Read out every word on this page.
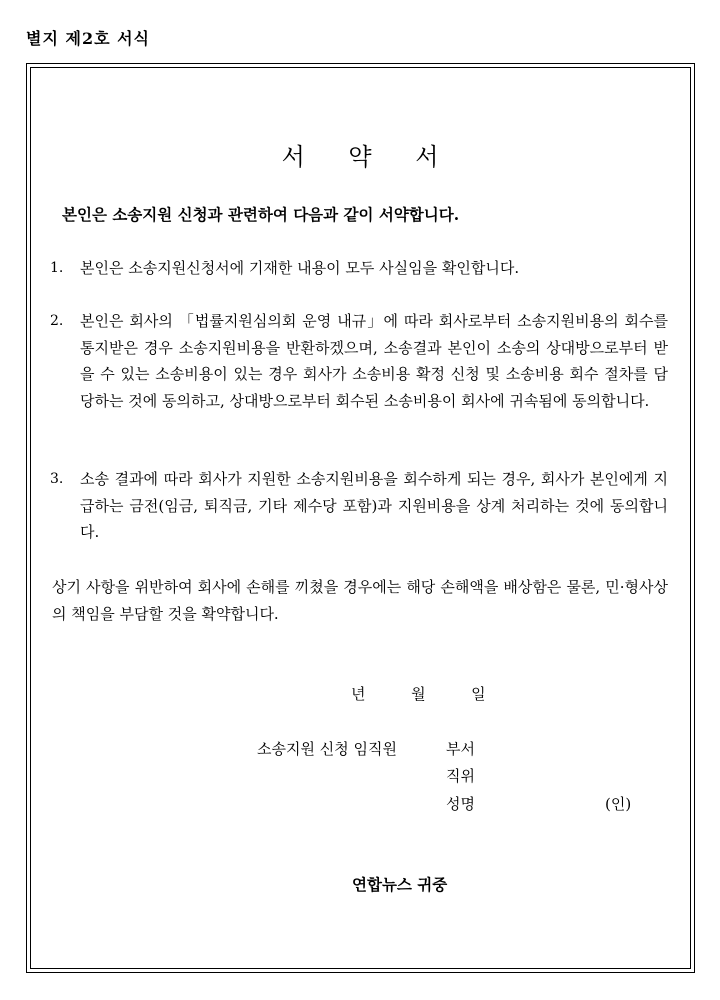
별지 제2호 서식
서 약 서
본인은 소송지원 신청과 관련하여 다음과 같이 서약합니다.
1.	본인은 소송지원신청서에 기재한 내용이 모두 사실임을 확인합니다.
2.	본인은 회사의 「법률지원심의회 운영 내규」에 따라 회사로부터 소송지원비용의 회수를 통지받은 경우 소송지원비용을 반환하겠으며, 소송결과 본인이 소송의 상대방으로부터 받을 수 있는 소송비용이 있는 경우 회사가 소송비용 확정 신청 및 소송비용 회수 절차를 담당하는 것에 동의하고, 상대방으로부터 회수된 소송비용이 회사에 귀속됨에 동의합니다.
3.	소송 결과에 따라 회사가 지원한 소송지원비용을 회수하게 되는 경우, 회사가 본인에게 지급하는 금전(임금, 퇴직금, 기타 제수당 포함)과 지원비용을 상계 처리하는 것에 동의합니다.
상기 사항을 위반하여 회사에 손해를 끼쳤을 경우에는 해당 손해액을 배상함은 물론, 민·형사상의 책임을 부담할 것을 확약합니다.
년	월	일
소송지원 신청 임직원	부서
직위
성명	(인)
연합뉴스 귀중
